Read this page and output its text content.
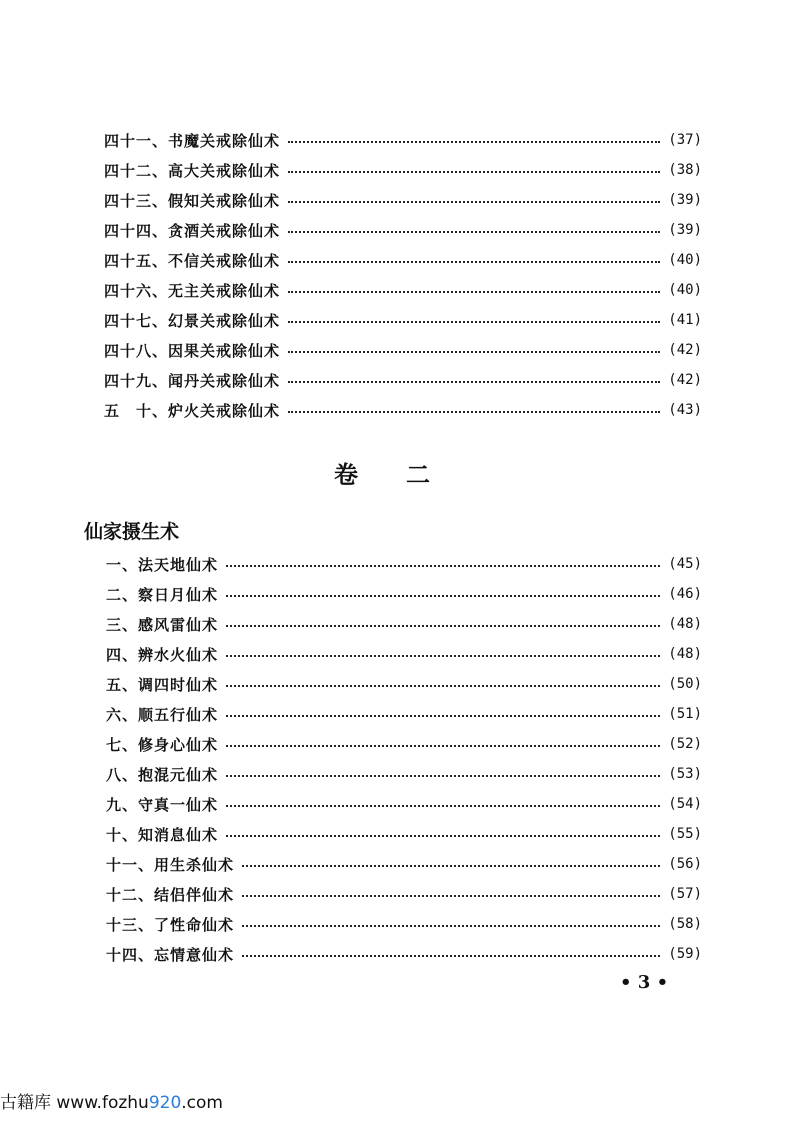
四十一、书魔关戒除仙术	(37)
四十二、高大关戒除仙术	(38)
四十三、假知关戒除仙术	(39)
四十四、贪酒关戒除仙术	(39)
四十五、不信关戒除仙术	(40)
四十六、无主关戒除仙术	(40)
四十七、幻景关戒除仙术	(41)
四十八、因果关戒除仙术	(42)
四十九、闻丹关戒除仙术	(42)
五　十、炉火关戒除仙术	(43)
卷二
仙家摄生术
一、法天地仙术	(45)
二、察日月仙术	(46)
三、感风雷仙术	(48)
四、辨水火仙术	(48)
五、调四时仙术	(50)
六、顺五行仙术	(51)
七、修身心仙术	(52)
八、抱混元仙术	(53)
九、守真一仙术	(54)
十、知消息仙术	(55)
十一、用生杀仙术	(56)
十二、结侣伴仙术	(57)
十三、了性命仙术	(58)
十四、忘情意仙术	(59)
• 3 •
古籍库 www.fozhu920.com
